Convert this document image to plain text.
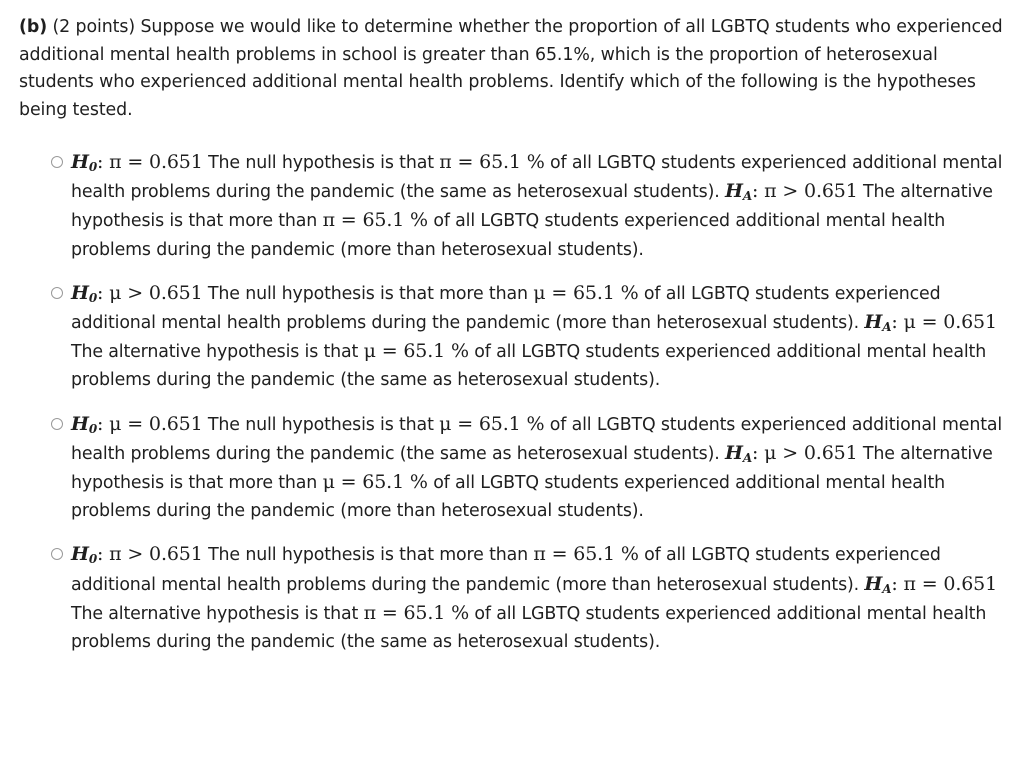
(b) (2 points) Suppose we would like to determine whether the proportion of all LGBTQ students who experienced additional mental health problems in school is greater than 65.1%, which is the proportion of heterosexual students who experienced additional mental health problems. Identify which of the following is the hypotheses being tested.
$H_0$: π = 0.651 The null hypothesis is that π = 65.1 % of all LGBTQ students experienced additional mental health problems during the pandemic (the same as heterosexual students). $H_A$: π > 0.651 The alternative hypothesis is that more than π = 65.1 % of all LGBTQ students experienced additional mental health problems during the pandemic (more than heterosexual students).
$H_0$: μ > 0.651 The null hypothesis is that more than μ = 65.1 % of all LGBTQ students experienced additional mental health problems during the pandemic (more than heterosexual students). $H_A$: μ = 0.651 The alternative hypothesis is that μ = 65.1 % of all LGBTQ students experienced additional mental health problems during the pandemic (the same as heterosexual students).
$H_0$: μ = 0.651 The null hypothesis is that μ = 65.1 % of all LGBTQ students experienced additional mental health problems during the pandemic (the same as heterosexual students). $H_A$: μ > 0.651 The alternative hypothesis is that more than μ = 65.1 % of all LGBTQ students experienced additional mental health problems during the pandemic (more than heterosexual students).
$H_0$: π > 0.651 The null hypothesis is that more than π = 65.1 % of all LGBTQ students experienced additional mental health problems during the pandemic (more than heterosexual students). $H_A$: π = 0.651 The alternative hypothesis is that π = 65.1 % of all LGBTQ students experienced additional mental health problems during the pandemic (the same as heterosexual students).
